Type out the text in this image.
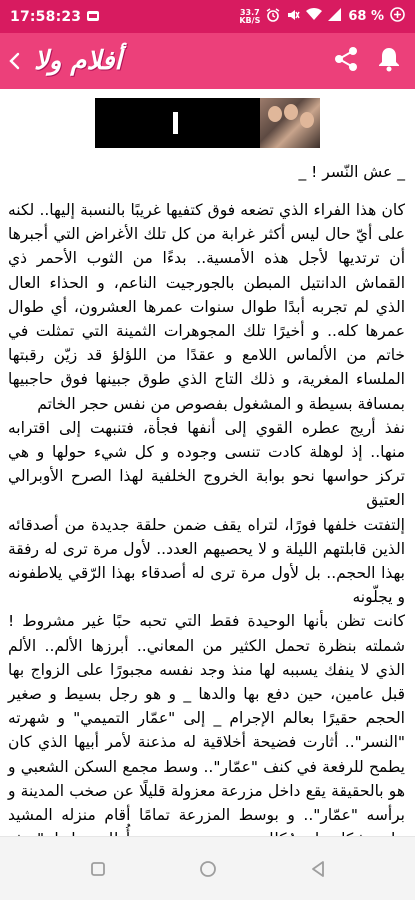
17:58:23	33.7
KB/S	68 %
أفلام ولا
_ عش النّسر ! _

كان هذا الفراء الذي تضعه فوق كتفيها غريبًا بالنسبة إليها.. لكنه على أيّ حال ليس أكثر غرابة من كل تلك الأغراض التي أجبرها أن ترتديها لأجل هذه الأمسية.. بدءًا من الثوب الأحمر ذي القماش الدانتيل المبطن بالجورجيت الناعم، و الحذاء العال الذي لم تجربه أبدًا طوال سنوات عمرها العشرون، أي طوال عمرها كله.. و أخيرًا تلك المجوهرات الثمينة التي تمثلت في خاتم من الألماس اللامع و عقدًا من اللؤلؤ قد زيّن رقبتها الملساء المغرية، و ذلك التاج الذي طوق جبينها فوق حاجبيها بمسافة بسيطة و المشغول بفصوص من نفس حجر الخاتم

نفذ أريج عطره القوي إلى أنفها فجأة، فتنبهت إلى اقترابه منها.. إذ لوهلة كادت تنسى وجوده و كل شيء حولها و هي تركز حواسها نحو بوابة الخروج الخلفية لهذا الصرح الأوبرالي العتيق

إلتفتت خلفها فورًا، لتراه يقف ضمن حلقة جديدة من أصدقائه الذين قابلتهم الليلة و لا يحصيهم العدد.. لأول مرة ترى له رفقة بهذا الحجم.. بل لأول مرة ترى له أصدقاء بهذا الرّقي يلاطفونه و يجلّونه

كانت تظن بأنها الوحيدة فقط التي تحبه حبًا غير مشروط ! شملته بنظرة تحمل الكثير من المعاني.. أبرزها الألم.. الألم الذي لا ينفك يسببه لها منذ وجد نفسه مجبورًا على الزواج بها قبل عامين، حين دفع بها والدها _ و هو رجل بسيط و صغير الحجم حقيرًا بعالم الإجرام _ إلى "عمّار التميمي" و شهرته "النسر".. أثارت فضيحة أخلاقية له مذعنة لأمر أبيها الذي كان يطمح للرفعة في كنف "عمّار".. وسط مجمع السكن الشعبي و هو بالحقيقة يقع داخل مزرعة معزولة قليلًا عن صخب المدينة و برأسه "عمّار".. و بوسط المزرعة تمامًا أقام منزله المشيد
